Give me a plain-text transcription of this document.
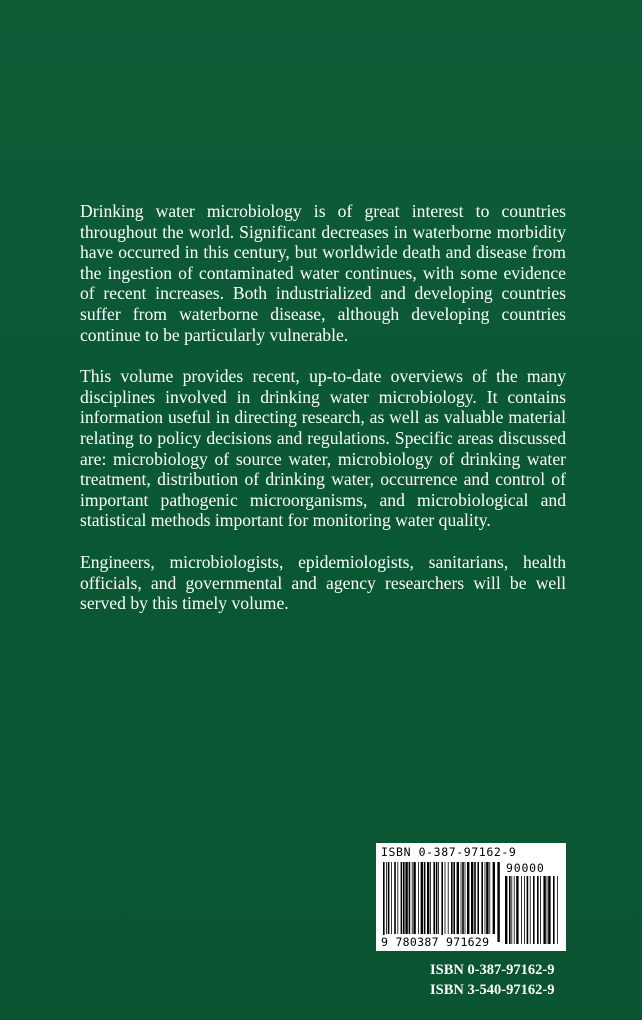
Drinking water microbiology is of great interest to countries throughout the world. Significant decreases in waterborne morbidity have occurred in this century, but worldwide death and disease from the ingestion of contaminated water continues, with some evidence of recent increases. Both industrialized and developing countries suffer from waterborne disease, although developing countries continue to be particularly vulnerable.

This volume provides recent, up-to-date overviews of the many disciplines involved in drinking water microbiology. It contains information useful in directing research, as well as valuable material relating to policy decisions and regulations. Specific areas discussed are: microbiology of source water, microbiology of drinking water treatment, distribution of drinking water, occurrence and control of important pathogenic microorganisms, and microbiological and statistical methods important for monitoring water quality.

Engineers, microbiologists, epidemiologists, sanitarians, health officials, and governmental and agency researchers will be well served by this timely volume.

ISBN 0-387-97162-9
90000
9 780387 971629
ISBN 0-387-97162-9
ISBN 3-540-97162-9
